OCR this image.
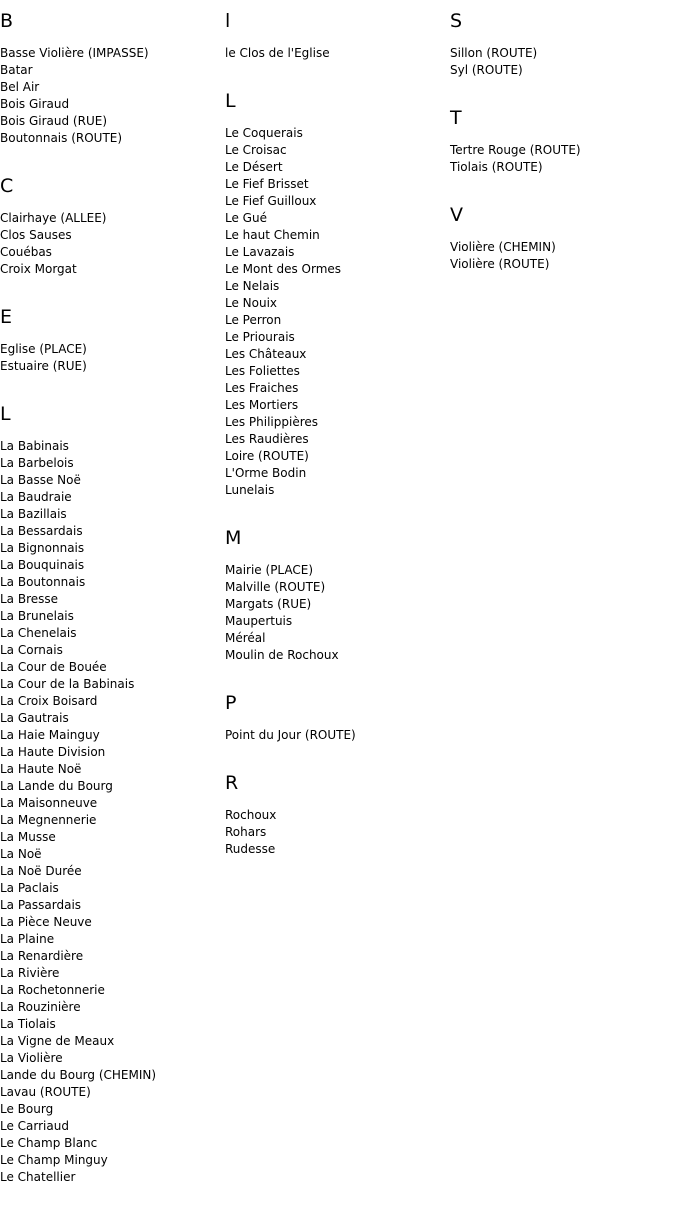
B
Basse Violière (IMPASSE)
Batar
Bel Air
Bois Giraud
Bois Giraud (RUE)
Boutonnais (ROUTE)
C
Clairhaye (ALLEE)
Clos Sauses
Couébas
Croix Morgat
E
Eglise (PLACE)
Estuaire (RUE)
L
La Babinais
La Barbelois
La Basse Noë
La Baudraie
La Bazillais
La Bessardais
La Bignonnais
La Bouquinais
La Boutonnais
La Bresse
La Brunelais
La Chenelais
La Cornais
La Cour de Bouée
La Cour de la Babinais
La Croix Boisard
La Gautrais
La Haie Mainguy
La Haute Division
La Haute Noë
La Lande du Bourg
La Maisonneuve
La Megnennerie
La Musse
La Noë
La Noë Durée
La Paclais
La Passardais
La Pièce Neuve
La Plaine
La Renardière
La Rivière
La Rochetonnerie
La Rouzinière
La Tiolais
La Vigne de Meaux
La Violière
Lande du Bourg (CHEMIN)
Lavau (ROUTE)
Le Bourg
Le Carriaud
Le Champ Blanc
Le Champ Minguy
Le Chatellier
l
le Clos de l'Eglise
L
Le Coquerais
Le Croisac
Le Désert
Le Fief Brisset
Le Fief Guilloux
Le Gué
Le haut Chemin
Le Lavazais
Le Mont des Ormes
Le Nelais
Le Nouix
Le Perron
Le Priourais
Les Châteaux
Les Foliettes
Les Fraiches
Les Mortiers
Les Philippières
Les Raudières
Loire (ROUTE)
L'Orme Bodin
Lunelais
M
Mairie (PLACE)
Malville (ROUTE)
Margats (RUE)
Maupertuis
Méréal
Moulin de Rochoux
P
Point du Jour (ROUTE)
R
Rochoux
Rohars
Rudesse
S
Sillon (ROUTE)
Syl (ROUTE)
T
Tertre Rouge (ROUTE)
Tiolais (ROUTE)
V
Violière (CHEMIN)
Violière (ROUTE)
